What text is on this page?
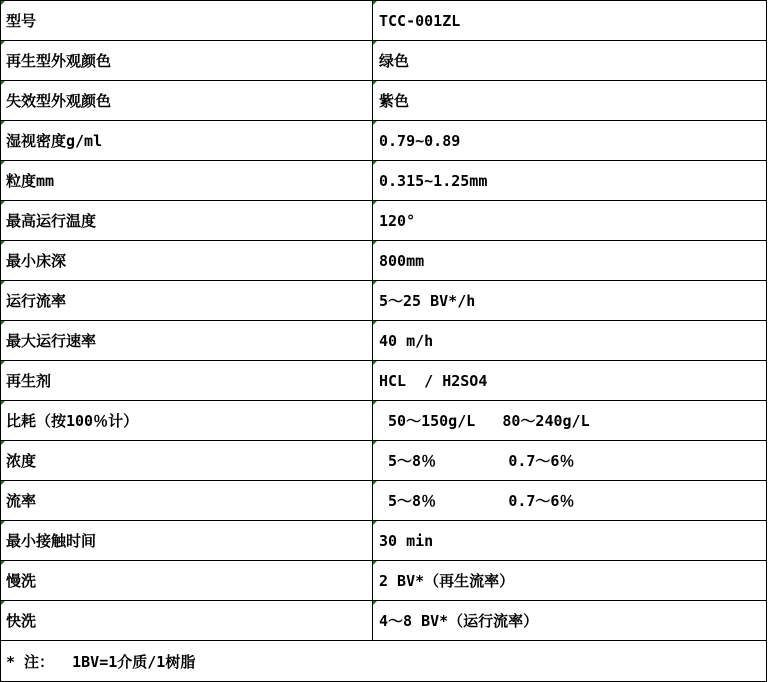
型号	TCC-001ZL

再生型外观颜色	绿色

失效型外观颜色	紫色

湿视密度g/ml	0.79~0.89

粒度mm	0.315~1.25mm

最高运行温度	120°

最小床深	800mm

运行流率	5～25 BV*/h

最大运行速率	40 m/h

再生剂	HCL  / H2SO4

比耗（按100％计）	50～150g/L   80～240g/L

浓度	5～8％        0.7～6％

流率	5～8％        0.7～6％

最小接触时间	30 min

慢洗	2 BV*（再生流率）

快洗	4～8 BV*（运行流率）
* 注：  1BV=1介质/1树脂	
